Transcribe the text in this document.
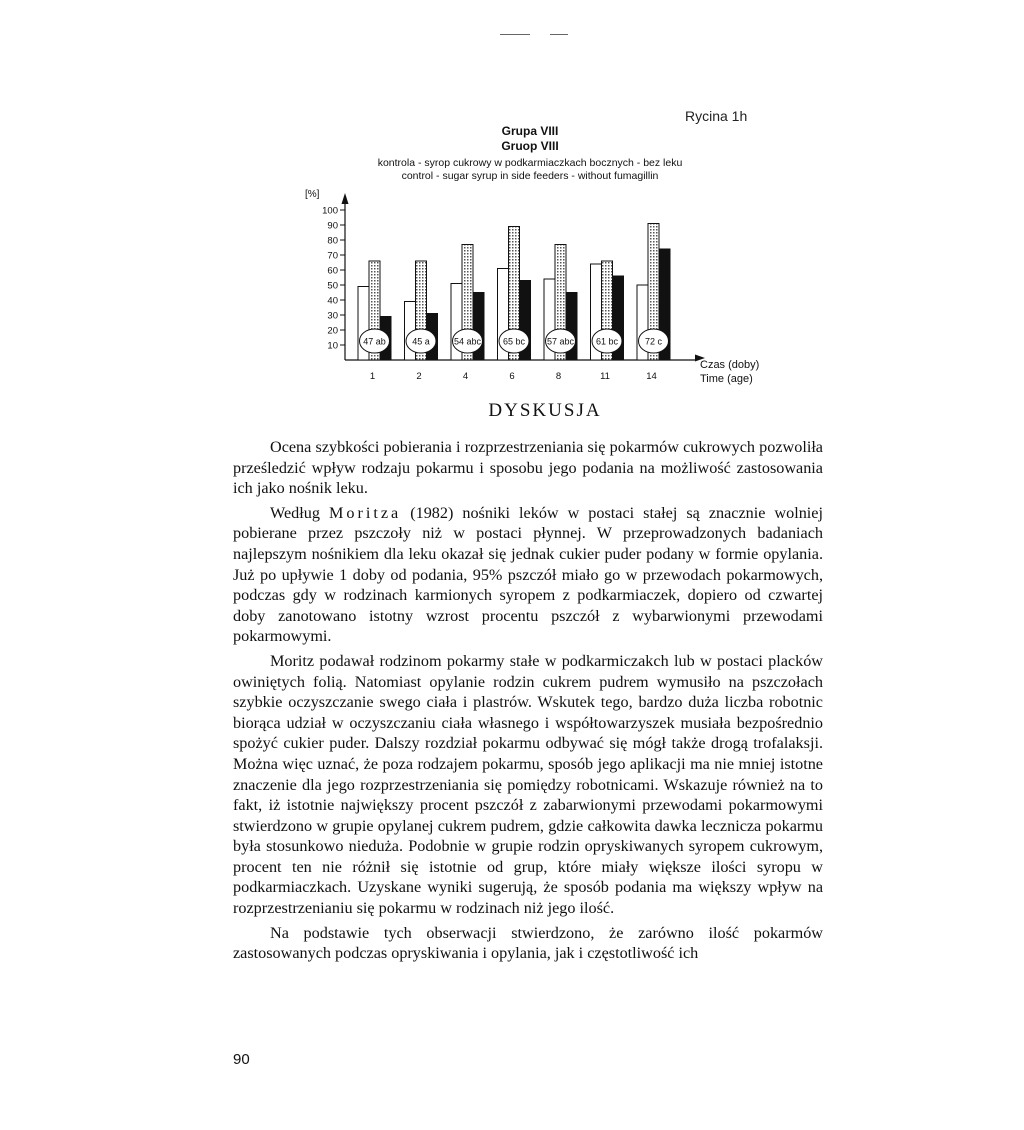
Rycina 1h
Grupa VIII
Gruop VIII
kontrola - syrop cukrowy w podkarmiaczkach bocznych - bez leku
control - sugar syrup in side feeders - without fumagillin
[%]
10
20
30
40
50
60
70
80
90
100
47 ab
1
45 a
2
54 abc
4
65 bc
6
57 abc
8
61 bc
11
72 c
14
Czas (doby)
Time (age)
DYSKUSJA

Ocena szybkości pobierania i rozprzestrzeniania się pokarmów cukrowych pozwoliła prześledzić wpływ rodzaju pokarmu i sposobu jego podania na możliwość zastosowania ich jako nośnik leku.

Według Moritza (1982) nośniki leków w postaci stałej są znacznie wolniej pobierane przez pszczoły niż w postaci płynnej. W przeprowadzonych badaniach najlepszym nośnikiem dla leku okazał się jednak cukier puder podany w formie opylania. Już po upływie 1 doby od podania, 95% pszczół miało go w przewodach pokarmowych, podczas gdy w rodzinach karmionych syropem z podkarmiaczek, dopiero od czwartej doby zanotowano istotny wzrost procentu pszczół z wybarwionymi przewodami pokarmowymi.

Moritz podawał rodzinom pokarmy stałe w podkarmiczakch lub w postaci placków owiniętych folią. Natomiast opylanie rodzin cukrem pudrem wymusiło na pszczołach szybkie oczyszczanie swego ciała i plastrów. Wskutek tego, bardzo duża liczba robotnic biorąca udział w oczyszczaniu ciała własnego i współtowarzyszek musiała bezpośrednio spożyć cukier puder. Dalszy rozdział pokarmu odbywać się mógł także drogą trofalaksji. Można więc uznać, że poza rodzajem pokarmu, sposób jego aplikacji ma nie mniej istotne znaczenie dla jego rozprzestrzeniania się pomiędzy robotnicami. Wskazuje również na to fakt, iż istotnie największy procent pszczół z zabarwionymi przewodami pokarmowymi stwierdzono w grupie opylanej cukrem pudrem, gdzie całkowita dawka lecznicza pokarmu była stosunkowo nieduża. Podobnie w grupie rodzin opryskiwanych syropem cukrowym, procent ten nie różnił się istotnie od grup, które miały większe ilości syropu w podkarmiaczkach. Uzyskane wyniki sugerują, że sposób podania ma większy wpływ na rozprzestrzenianiu się pokarmu w rodzinach niż jego ilość.

Na podstawie tych obserwacji stwierdzono, że zarówno ilość pokarmów zastosowanych podczas opryskiwania i opylania, jak i częstotliwość ich

90
